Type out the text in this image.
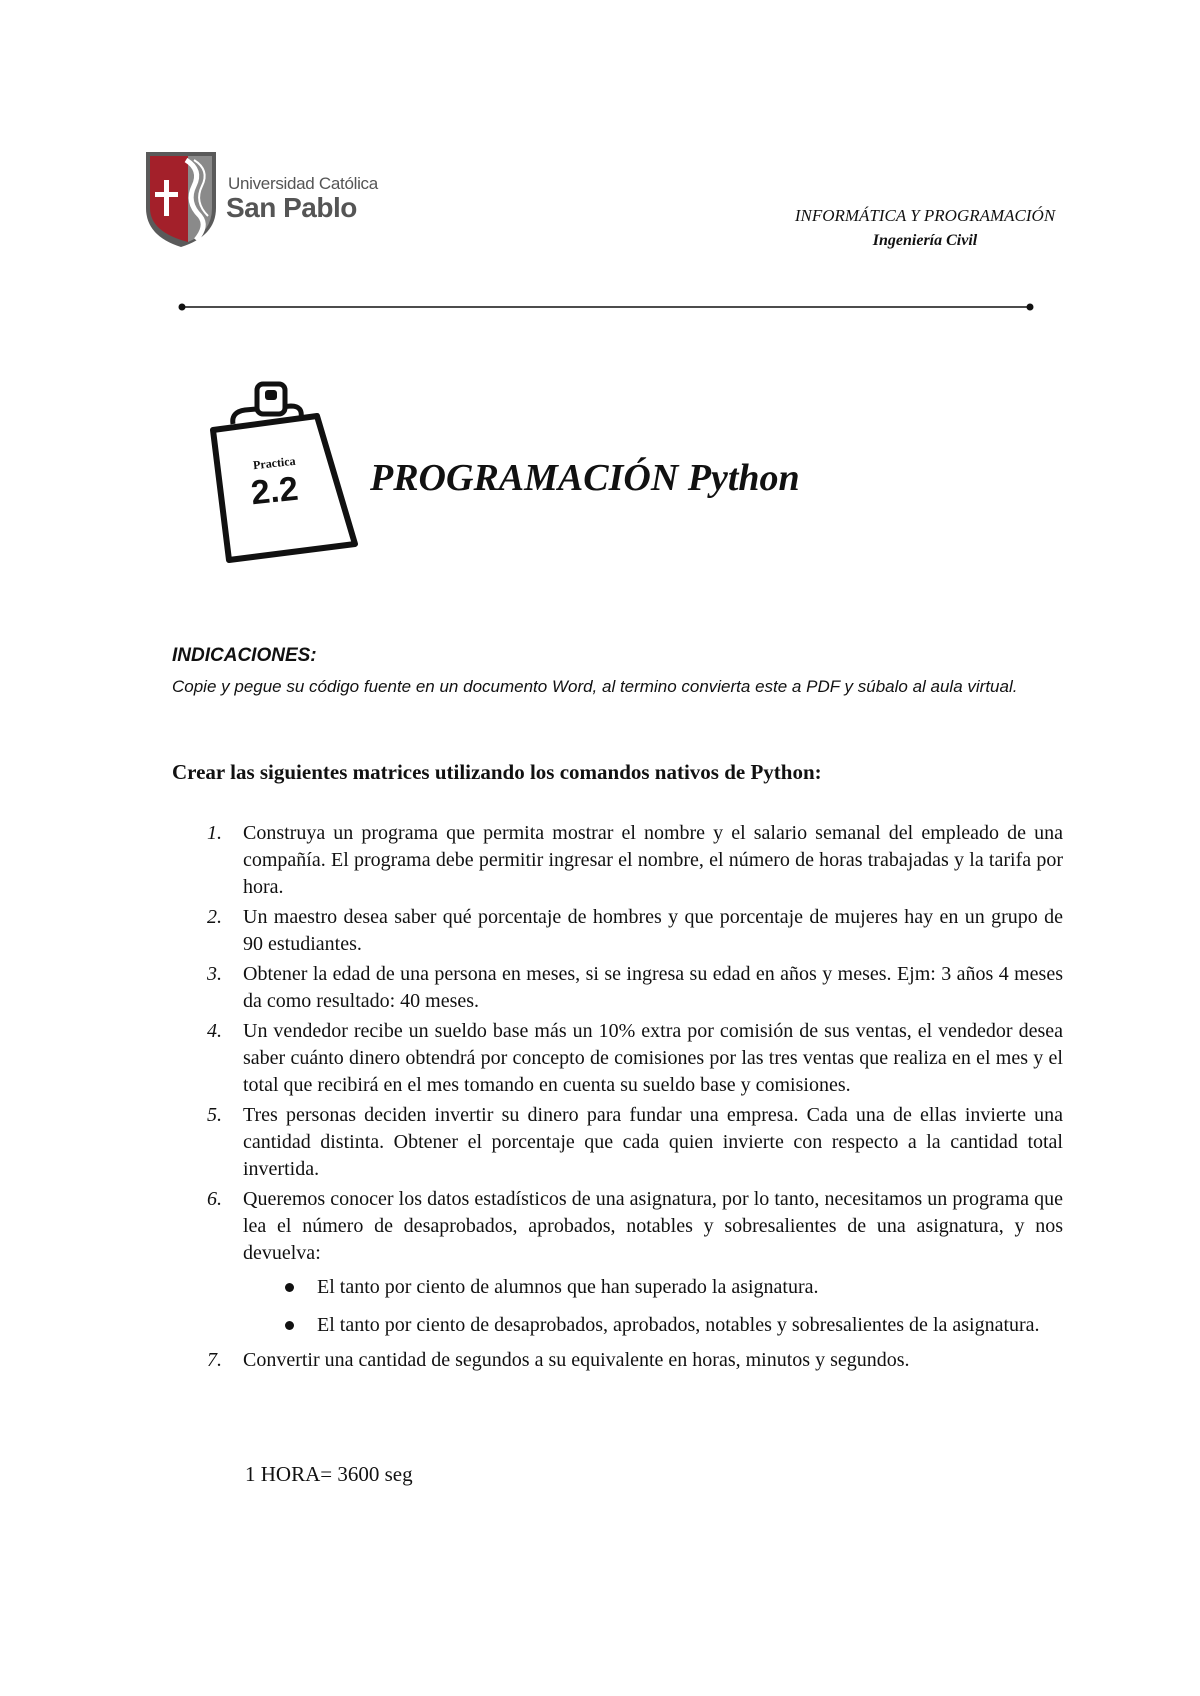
Universidad Católica
San Pablo	INFORMÁTICA Y PROGRAMACIÓN
Ingeniería Civil
Practica
2.2 PROGRAMACIÓN Python
INDICACIONES:
Copie y pegue su código fuente en un documento Word, al termino convierta este a PDF y súbalo al aula virtual.
Crear las siguientes matrices utilizando los comandos nativos de Python:
1. Construya un programa que permita mostrar el nombre y el salario semanal del empleado de una compañía. El programa debe permitir ingresar el nombre, el número de horas trabajadas y la tarifa por hora.
2. Un maestro desea saber qué porcentaje de hombres y que porcentaje de mujeres hay en un grupo de 90 estudiantes.
3. Obtener la edad de una persona en meses, si se ingresa su edad en años y meses. Ejm: 3 años 4 meses da como resultado: 40 meses.
4. Un vendedor recibe un sueldo base más un 10% extra por comisión de sus ventas, el vendedor desea saber cuánto dinero obtendrá por concepto de comisiones por las tres ventas que realiza en el mes y el total que recibirá en el mes tomando en cuenta su sueldo base y comisiones.
5. Tres personas deciden invertir su dinero para fundar una empresa. Cada una de ellas invierte una cantidad distinta. Obtener el porcentaje que cada quien invierte con respecto a la cantidad total invertida.
6. Queremos conocer los datos estadísticos de una asignatura, por lo tanto, necesitamos un programa que lea el número de desaprobados, aprobados, notables y sobresalientes de una asignatura, y nos devuelva:
El tanto por ciento de alumnos que han superado la asignatura.
El tanto por ciento de desaprobados, aprobados, notables y sobresalientes de la asignatura.
7. Convertir una cantidad de segundos a su equivalente en horas, minutos y segundos.
1 HORA= 3600 seg
